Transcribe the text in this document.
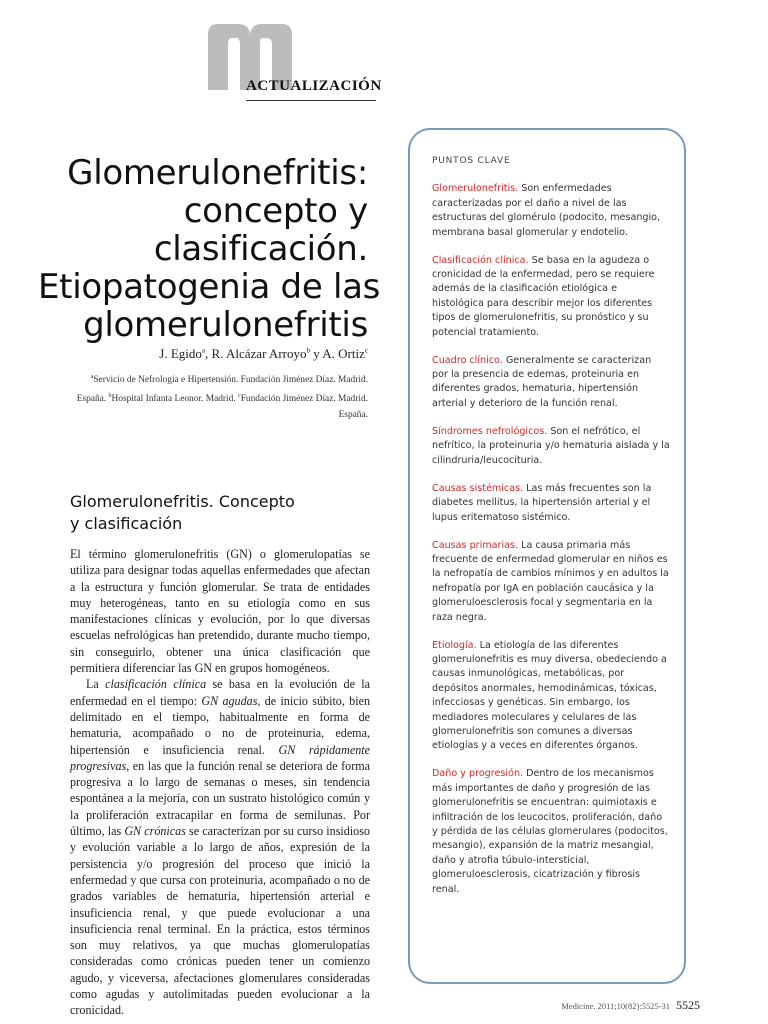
ACTUALIZACIÓN
Glomerulonefritis:
concepto y
clasificación.
Etiopatogenia de las
glomerulonefritis
J. Egido$^a$, R. Alcázar Arroyo$^b$ y A. Ortiz$^c$
$^a$Servicio de Nefrología e Hipertensión. Fundación Jiménez Díaz. Madrid. España. $^b$Hospital Infanta Leonor. Madrid. $^c$Fundación Jiménez Díaz. Madrid. España.
Glomerulonefritis. Concepto
y clasificación

El término glomerulonefritis (GN) o glomerulopatías se utiliza para designar todas aquellas enfermedades que afectan a la estructura y función glomerular. Se trata de entidades muy heterogéneas, tanto en su etiología como en sus manifestaciones clínicas y evolución, por lo que diversas escuelas nefrológicas han pretendido, durante mucho tiempo, sin conseguirlo, obtener una única clasificación que permitiera diferenciar las GN en grupos homogéneos.

La clasificación clínica se basa en la evolución de la enfermedad en el tiempo: GN agudas, de inicio súbito, bien delimitado en el tiempo, habitualmente en forma de hematuria, acompañado o no de proteinuria, edema, hipertensión e insuficiencia renal. GN rápidamente progresivas, en las que la función renal se deteriora de forma progresiva a lo largo de semanas o meses, sin tendencia espontánea a la mejoría, con un sustrato histológico común y la proliferación extracapilar en forma de semilunas. Por último, las GN crónicas se caracterizan por su curso insidioso y evolución variable a lo largo de años, expresión de la persistencia y/o progresión del proceso que inició la enfermedad y que cursa con proteinuria, acompañado o no de grados variables de hematuria, hipertensión arterial e insuficiencia renal, y que puede evolucionar a una insuficiencia renal terminal. En la práctica, estos términos son muy relativos, ya que muchas glomerulopatías consideradas como crónicas pueden tener un comienzo agudo, y viceversa, afectaciones glomerulares consideradas como agudas y autolimitadas pueden evolucionar a la cronicidad.

PUNTOS CLAVE
Glomerulonefritis. Son enfermedades caracterizadas por el daño a nivel de las estructuras del glomérulo (podocito, mesangio, membrana basal glomerular y endotelio.
Clasificación clínica. Se basa en la agudeza o cronicidad de la enfermedad, pero se requiere además de la clasificación etiológica e histológica para describir mejor los diferentes tipos de glomerulonefritis, su pronóstico y su potencial tratamiento.
Cuadro clínico. Generalmente se caracterizan por la presencia de edemas, proteinuria en diferentes grados, hematuria, hipertensión arterial y deterioro de la función renal.
Síndromes nefrológicos. Son el nefrótico, el nefrítico, la proteinuria y/o hematuria aislada y la cilindruria/leucocituria.
Causas sistémicas. Las más frecuentes son la diabetes mellitus, la hipertensión arterial y el lupus eritematoso sistémico.
Causas primarias. La causa primaria más frecuente de enfermedad glomerular en niños es la nefropatía de cambios mínimos y en adultos la nefropatía por IgA en población caucásica y la glomeruloesclerosis focal y segmentaria en la raza negra.
Etiología. La etiología de las diferentes glomerulonefritis es muy diversa, obedeciendo a causas inmunológicas, metabólicas, por depósitos anormales, hemodinámicas, tóxicas, infecciosas y genéticas. Sin embargo, los mediadores moleculares y celulares de las glomerulonefritis son comunes a diversas etiologías y a veces en diferentes órganos.
Daño y progresión. Dentro de los mecanismos más importantes de daño y progresión de las glomerulonefritis se encuentran: quimiotaxis e infiltración de los leucocitos, proliferación, daño y pérdida de las células glomerulares (podocitos, mesangio), expansión de la matriz mesangial, daño y atrofia túbulo-intersticial, glomeruloesclerosis, cicatrización y fibrosis renal.
Medicine. 2011;10(82):5525-31 5525
